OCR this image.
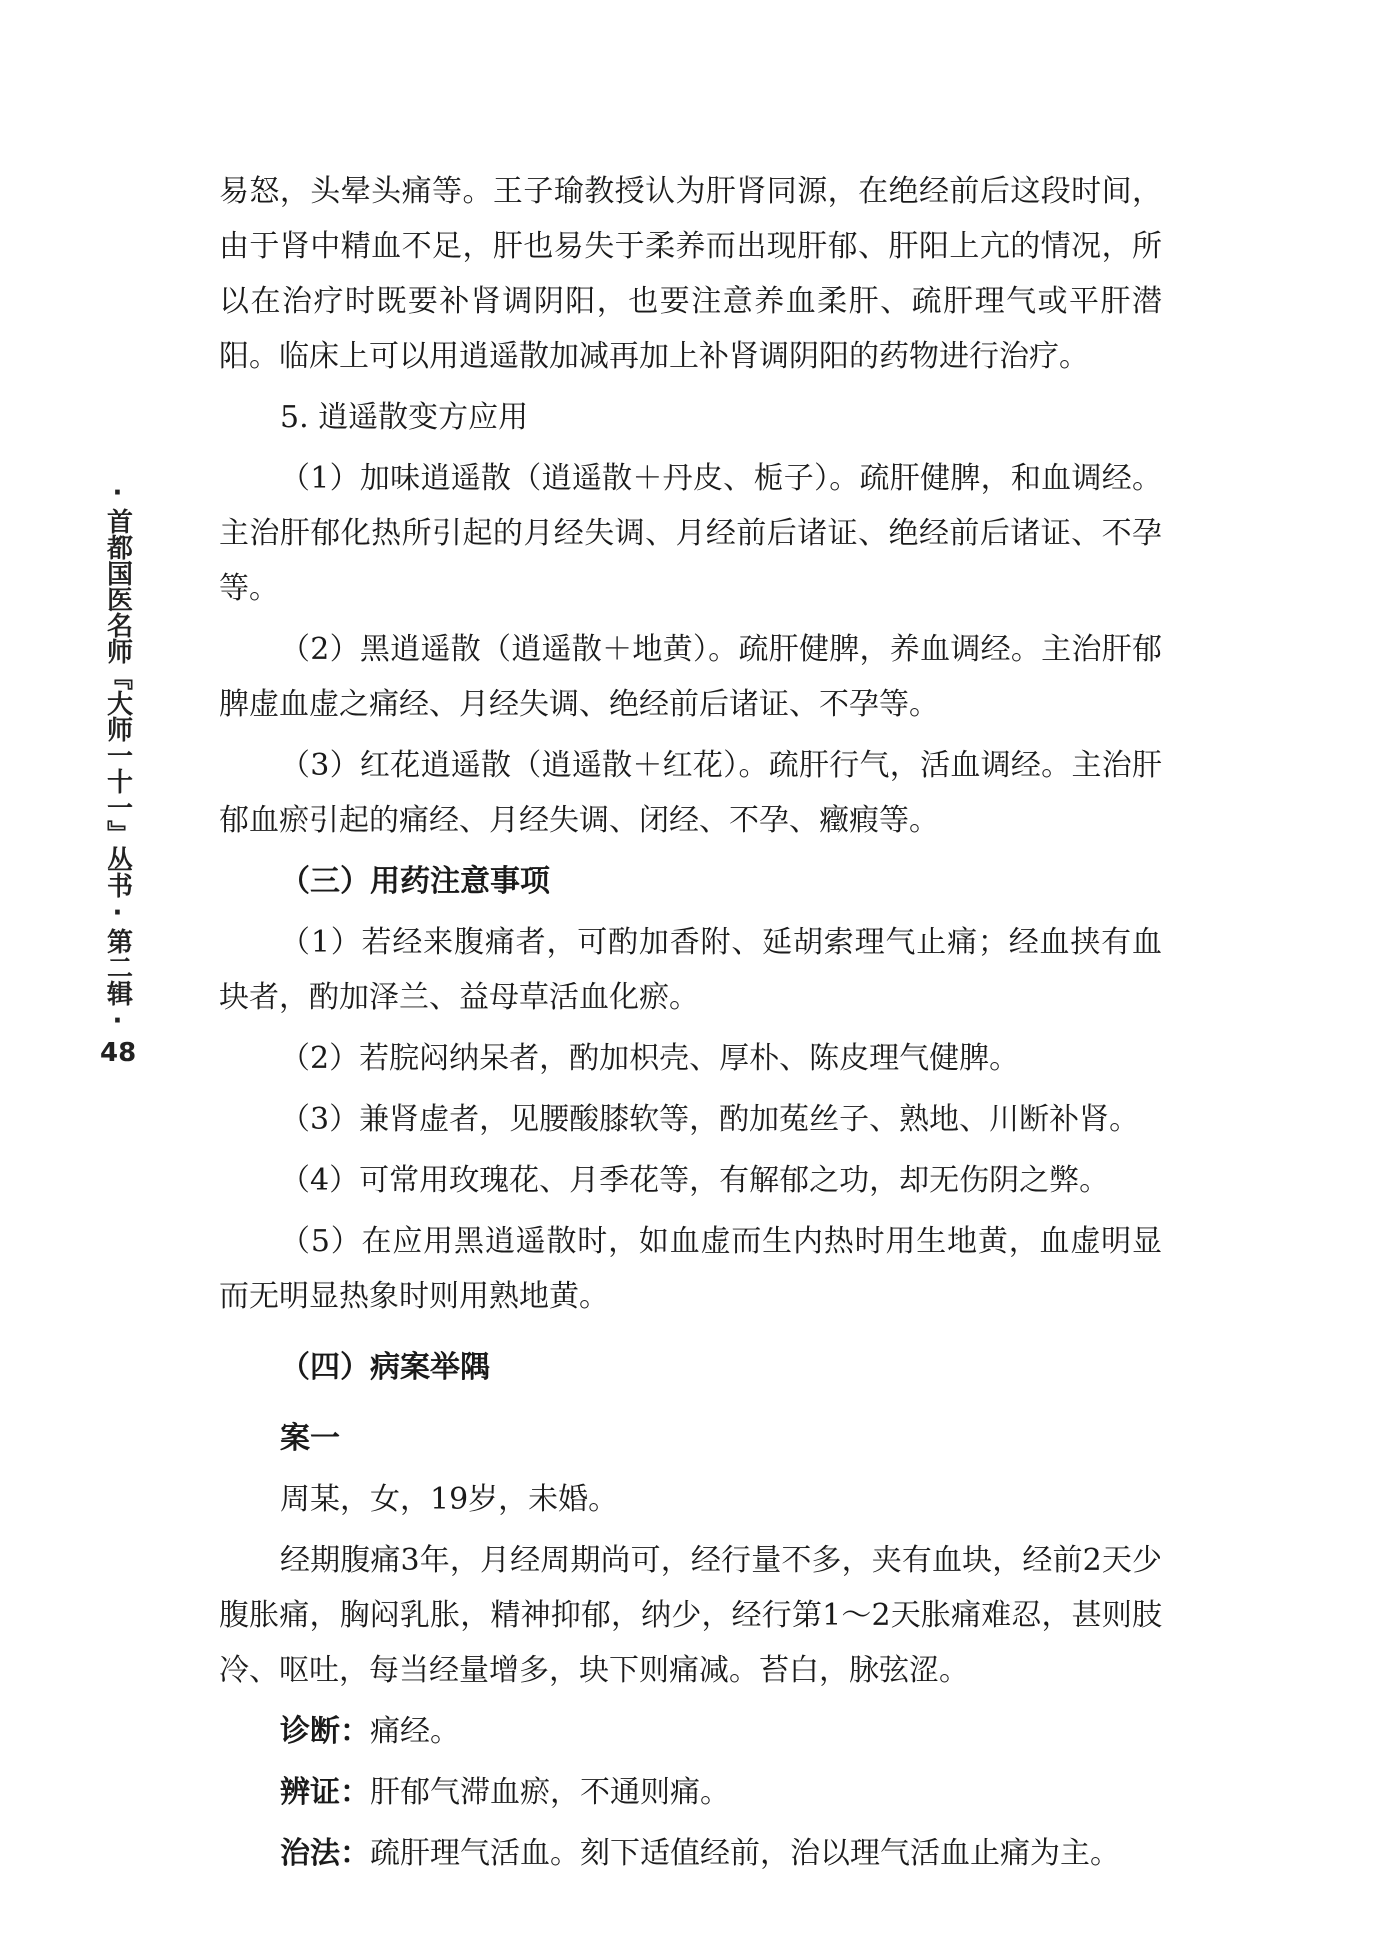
·首都国医名师『大师一十一』丛书·第二辑·
48

易怒，头晕头痛等。王子瑜教授认为肝肾同源，在绝经前后这段时间，由于肾中精血不足，肝也易失于柔养而出现肝郁、肝阳上亢的情况，所以在治疗时既要补肾调阴阳，也要注意养血柔肝、疏肝理气或平肝潜阳。临床上可以用逍遥散加减再加上补肾调阴阳的药物进行治疗。

5. 逍遥散变方应用

（1）加味逍遥散（逍遥散＋丹皮、栀子）。疏肝健脾，和血调经。主治肝郁化热所引起的月经失调、月经前后诸证、绝经前后诸证、不孕等。

（2）黑逍遥散（逍遥散＋地黄）。疏肝健脾，养血调经。主治肝郁脾虚血虚之痛经、月经失调、绝经前后诸证、不孕等。

（3）红花逍遥散（逍遥散＋红花）。疏肝行气，活血调经。主治肝郁血瘀引起的痛经、月经失调、闭经、不孕、癥瘕等。

（三）用药注意事项

（1）若经来腹痛者，可酌加香附、延胡索理气止痛；经血挟有血块者，酌加泽兰、益母草活血化瘀。

（2）若脘闷纳呆者，酌加枳壳、厚朴、陈皮理气健脾。

（3）兼肾虚者，见腰酸膝软等，酌加菟丝子、熟地、川断补肾。

（4）可常用玫瑰花、月季花等，有解郁之功，却无伤阴之弊。

（5）在应用黑逍遥散时，如血虚而生内热时用生地黄，血虚明显而无明显热象时则用熟地黄。

（四）病案举隅

案一

周某，女，19岁，未婚。

经期腹痛3年，月经周期尚可，经行量不多，夹有血块，经前2天少腹胀痛，胸闷乳胀，精神抑郁，纳少，经行第1～2天胀痛难忍，甚则肢冷、呕吐，每当经量增多，块下则痛减。苔白，脉弦涩。

诊断：痛经。

辨证：肝郁气滞血瘀，不通则痛。

治法：疏肝理气活血。刻下适值经前，治以理气活血止痛为主。
